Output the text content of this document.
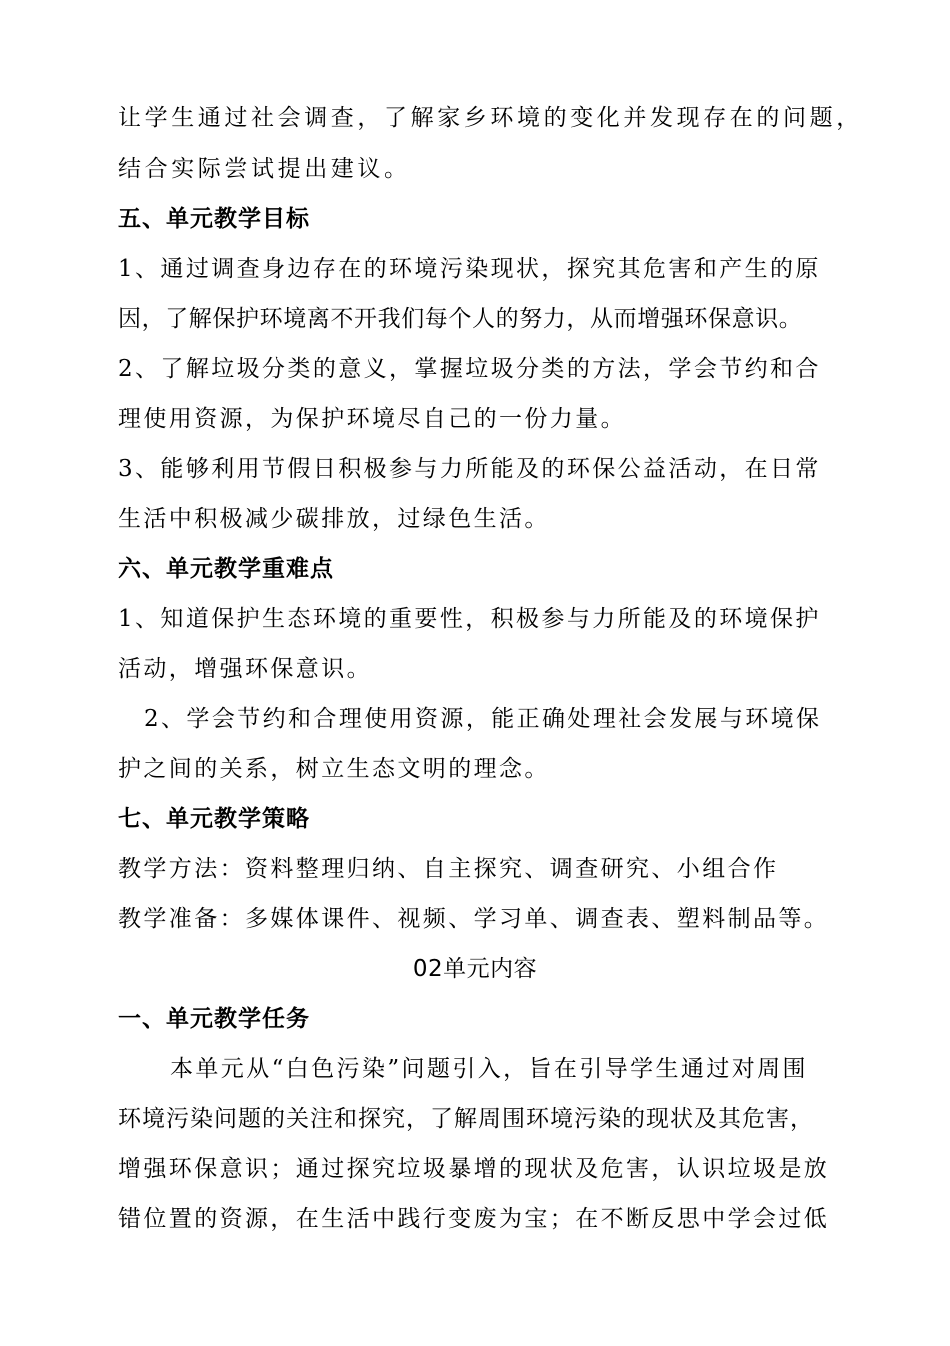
让学生通过社会调查，了解家乡环境的变化并发现存在的问题，
结合实际尝试提出建议。
五、单元教学目标
1、通过调查身边存在的环境污染现状，探究其危害和产生的原
因，了解保护环境离不开我们每个人的努力，从而增强环保意识。
2、了解垃圾分类的意义，掌握垃圾分类的方法，学会节约和合
理使用资源，为保护环境尽自己的一份力量。
3、能够利用节假日积极参与力所能及的环保公益活动，在日常
生活中积极减少碳排放，过绿色生活。
六、单元教学重难点
1、知道保护生态环境的重要性，积极参与力所能及的环境保护
活动，增强环保意识。
2、学会节约和合理使用资源，能正确处理社会发展与环境保
护之间的关系，树立生态文明的理念。
七、单元教学策略
教学方法：资料整理归纳、自主探究、调查研究、小组合作
教学准备：多媒体课件、视频、学习单、调查表、塑料制品等。
02单元内容
一、单元教学任务
本单元从“白色污染”问题引入，旨在引导学生通过对周围
环境污染问题的关注和探究，了解周围环境污染的现状及其危害，
增强环保意识；通过探究垃圾暴增的现状及危害，认识垃圾是放
错位置的资源，在生活中践行变废为宝；在不断反思中学会过低
